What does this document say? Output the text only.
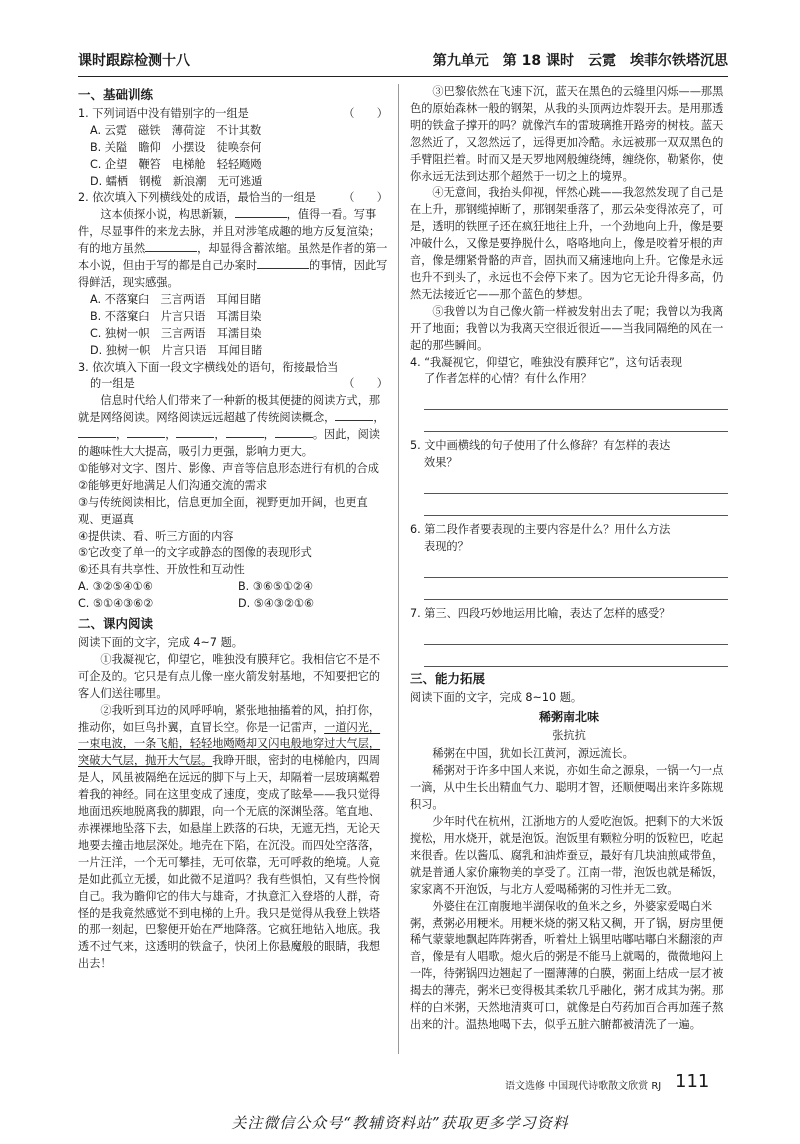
课时跟踪检测十八	第九单元　第 18 课时　云霓　埃菲尔铁塔沉思
一、基础训练
1. 下列词语中没有错别字的一组是	（　　）
A. 云霓　磁铁　薄荷淀　不计其数
B. 关隘　瞻仰　小摆设　徒唤奈何
C. 企望　鞭笞　电梯舱　轻轻飏飏
D. 蠕栖　钢榄　新浪潮　无可逃遁
2. 依次填入下列横线处的成语，最恰当的一组是 （　　）

这本侦探小说，构思新颖，	，值得一看。写事件，尽显事件的来龙去脉，并且对涉笔成趣的地方反复渲染；有的地方虽然	，却显得含蓄浓缩。虽然是作者的第一本小说，但由于写的都是自己办案时	的事情，因此写得鲜活，现实感强。

A. 不落窠臼　三言两语　耳闻目睹
B. 不落窠臼　片言只语　耳濡目染
C. 独树一帜　三言两语　耳濡目染
D. 独树一帜　片言只语　耳闻目睹
3. 依次填入下面一段文字横线处的语句，衔接最恰当
的一组是	（　　）

信息时代给人们带来了一种新的极其便捷的阅读方式，那就是网络阅读。网络阅读远远超越了传统阅读概念，	，，	，	，	，	。因此，阅读的趣味性大大提高，吸引力更强，影响力更大。

①能够对文字、图片、影像、声音等信息形态进行有机的合成
②能够更好地满足人们沟通交流的需求
③与传统阅读相比，信息更加全面，视野更加开阔，也更直观、更逼真
④提供读、看、听三方面的内容
⑤它改变了单一的文字或静态的图像的表现形式
⑥还具有共享性、开放性和互动性
A. ③②⑤④①⑥	B. ③⑥⑤①②④
C. ⑤①④③⑥②	D. ⑤④③②①⑥
二、课内阅读
阅读下面的文字，完成 4~7 题。

①我凝视它，仰望它，唯独没有膜拜它。我相信它不是不可企及的。它只是有点儿像一座火箭发射基地，不知要把它的客人们送往哪里。

②我听到耳边的风呼呼响，紧张地抽搐着的风，拍打你，推动你，如巨鸟扑翼，直冒长空。你是一记雷声，一道闪光，一束电波，一条飞船，轻轻地飏飏却又闪电般地穿过大气层，突破大气层，抛开大气层。我睁开眼，密封的电梯舱内，四周是人，风虽被隔绝在远远的脚下与上天，却隔着一层玻璃粼碧着我的神经。同在这里变成了速度，变成了眩晕——我只觉得地面迅疾地脱离我的脚跟，向一个无底的深渊坠落。笔直地、赤裸裸地坠落下去，如悬崖上跌落的石块，无遮无挡，无论天地要去撞击地层深处。地壳在下陷，在沉没。而四处空落落，一片汪洋，一个无可攀挂，无可依靠，无可呼救的绝境。人竟是如此孤立无援，如此微不足道吗？我有些惧怕，又有些怜悯自己。我为瞻仰它的伟大与雄奇，才执意汇入登塔的人群，奇怪的是我竟然感觉不到电梯的上升。我只是觉得从我登上铁塔的那一刻起，巴黎便开始在严地降落。它疯狂地钻入地底。我透不过气来，这透明的铁盒子，快闭上你悬魔般的眼睛，我想出去！

③巴黎依然在飞速下沉，蓝天在黑色的云缝里闪烁——那黑色的原始森林一般的钢架，从我的头顶两边炸裂开去。是用那透明的铁盒子撑开的吗？就像汽车的雷玻璃推开路旁的树枝。蓝天忽然近了，又忽然远了，远得更加冷酷。永远被那一双双黑色的手臂阻拦着。时而又是天罗地网般缠绕缚，缠绕你，勒紧你，使你永远无法到达那个超然于一切之上的境界。

④无意间，我抬头仰视，怦然心跳——我忽然发现了自己是在上升，那钢缆掉断了，那钢架垂落了，那云朵变得浓亮了，可是，透明的铁匣子还在疯狂地往上升，一个劲地向上升，像是要冲破什么，又像是要挣脱什么，咯咯地向上，像是咬着牙根的声音，像是绷紧骨骼的声音，固执而又痛速地向上升。它像是永远也升不到头了，永远也不会停下来了。因为它无论升得多高，仍然无法接近它——那个蓝色的梦想。

⑤我曾以为自己像火箭一样被发射出去了呢；我曾以为我离开了地面；我曾以为我离天空很近很近——当我同隔绝的风在一起的那些瞬间。

4. “我凝视它，仰望它，唯独没有膜拜它”，这句话表现
了作者怎样的心情？有什么作用？
5. 文中画横线的句子使用了什么修辞？有怎样的表达
效果？
6. 第二段作者要表现的主要内容是什么？用什么方法
表现的？
7. 第三、四段巧妙地运用比喻，表达了怎样的感受？
三、能力拓展
阅读下面的文字，完成 8~10 题。
稀粥南北味
张抗抗

稀粥在中国，犹如长江黄河，源远流长。

稀粥对于许多中国人来说，亦如生命之源泉，一锅一勺一点一滴，从中生长出精血气力、聪明才智，还顺便喝出来许多陈规积习。

少年时代在杭州，江浙地方的人爱吃泡饭。把剩下的大米饭搅松，用水烧开，就是泡饭。泡饭里有颗粒分明的饭粒巴，吃起来很香。佐以酱瓜、腐乳和油炸蚕豆，最好有几块油煎咸带鱼，就是普通人家价廉物美的享受了。江南一带，泡饭也就是稀饭，家家离不开泡饭，与北方人爱喝稀粥的习性并无二致。

外婆住在江南腹地半湖保收的鱼米之乡，外婆家爱喝白米粥，煮粥必用粳米。用粳米烧的粥又粘又稠，开了锅，厨房里便稀气蒙蒙地飘起阵阵粥香，听着灶上锅里咕嘟咕嘟白米翻滚的声音，像是有人唱歌。熄火后的粥是不能马上就喝的，微微地闷上一阵，待粥锅四边翘起了一圈薄薄的白膜，粥面上结成一层才被揭去的薄壳，粥米已变得极其柔软几乎融化，粥才成其为粥。那样的白米粥，天然地清爽可口，就像是白芍药加百合再加莲子熬出来的汁。温热地喝下去，似乎五脏六腑都被清洗了一遍。

语文选修 中国现代诗歌散文欣赏 RJ 111
关注微信公众号“教辅资料站”获取更多学习资料
